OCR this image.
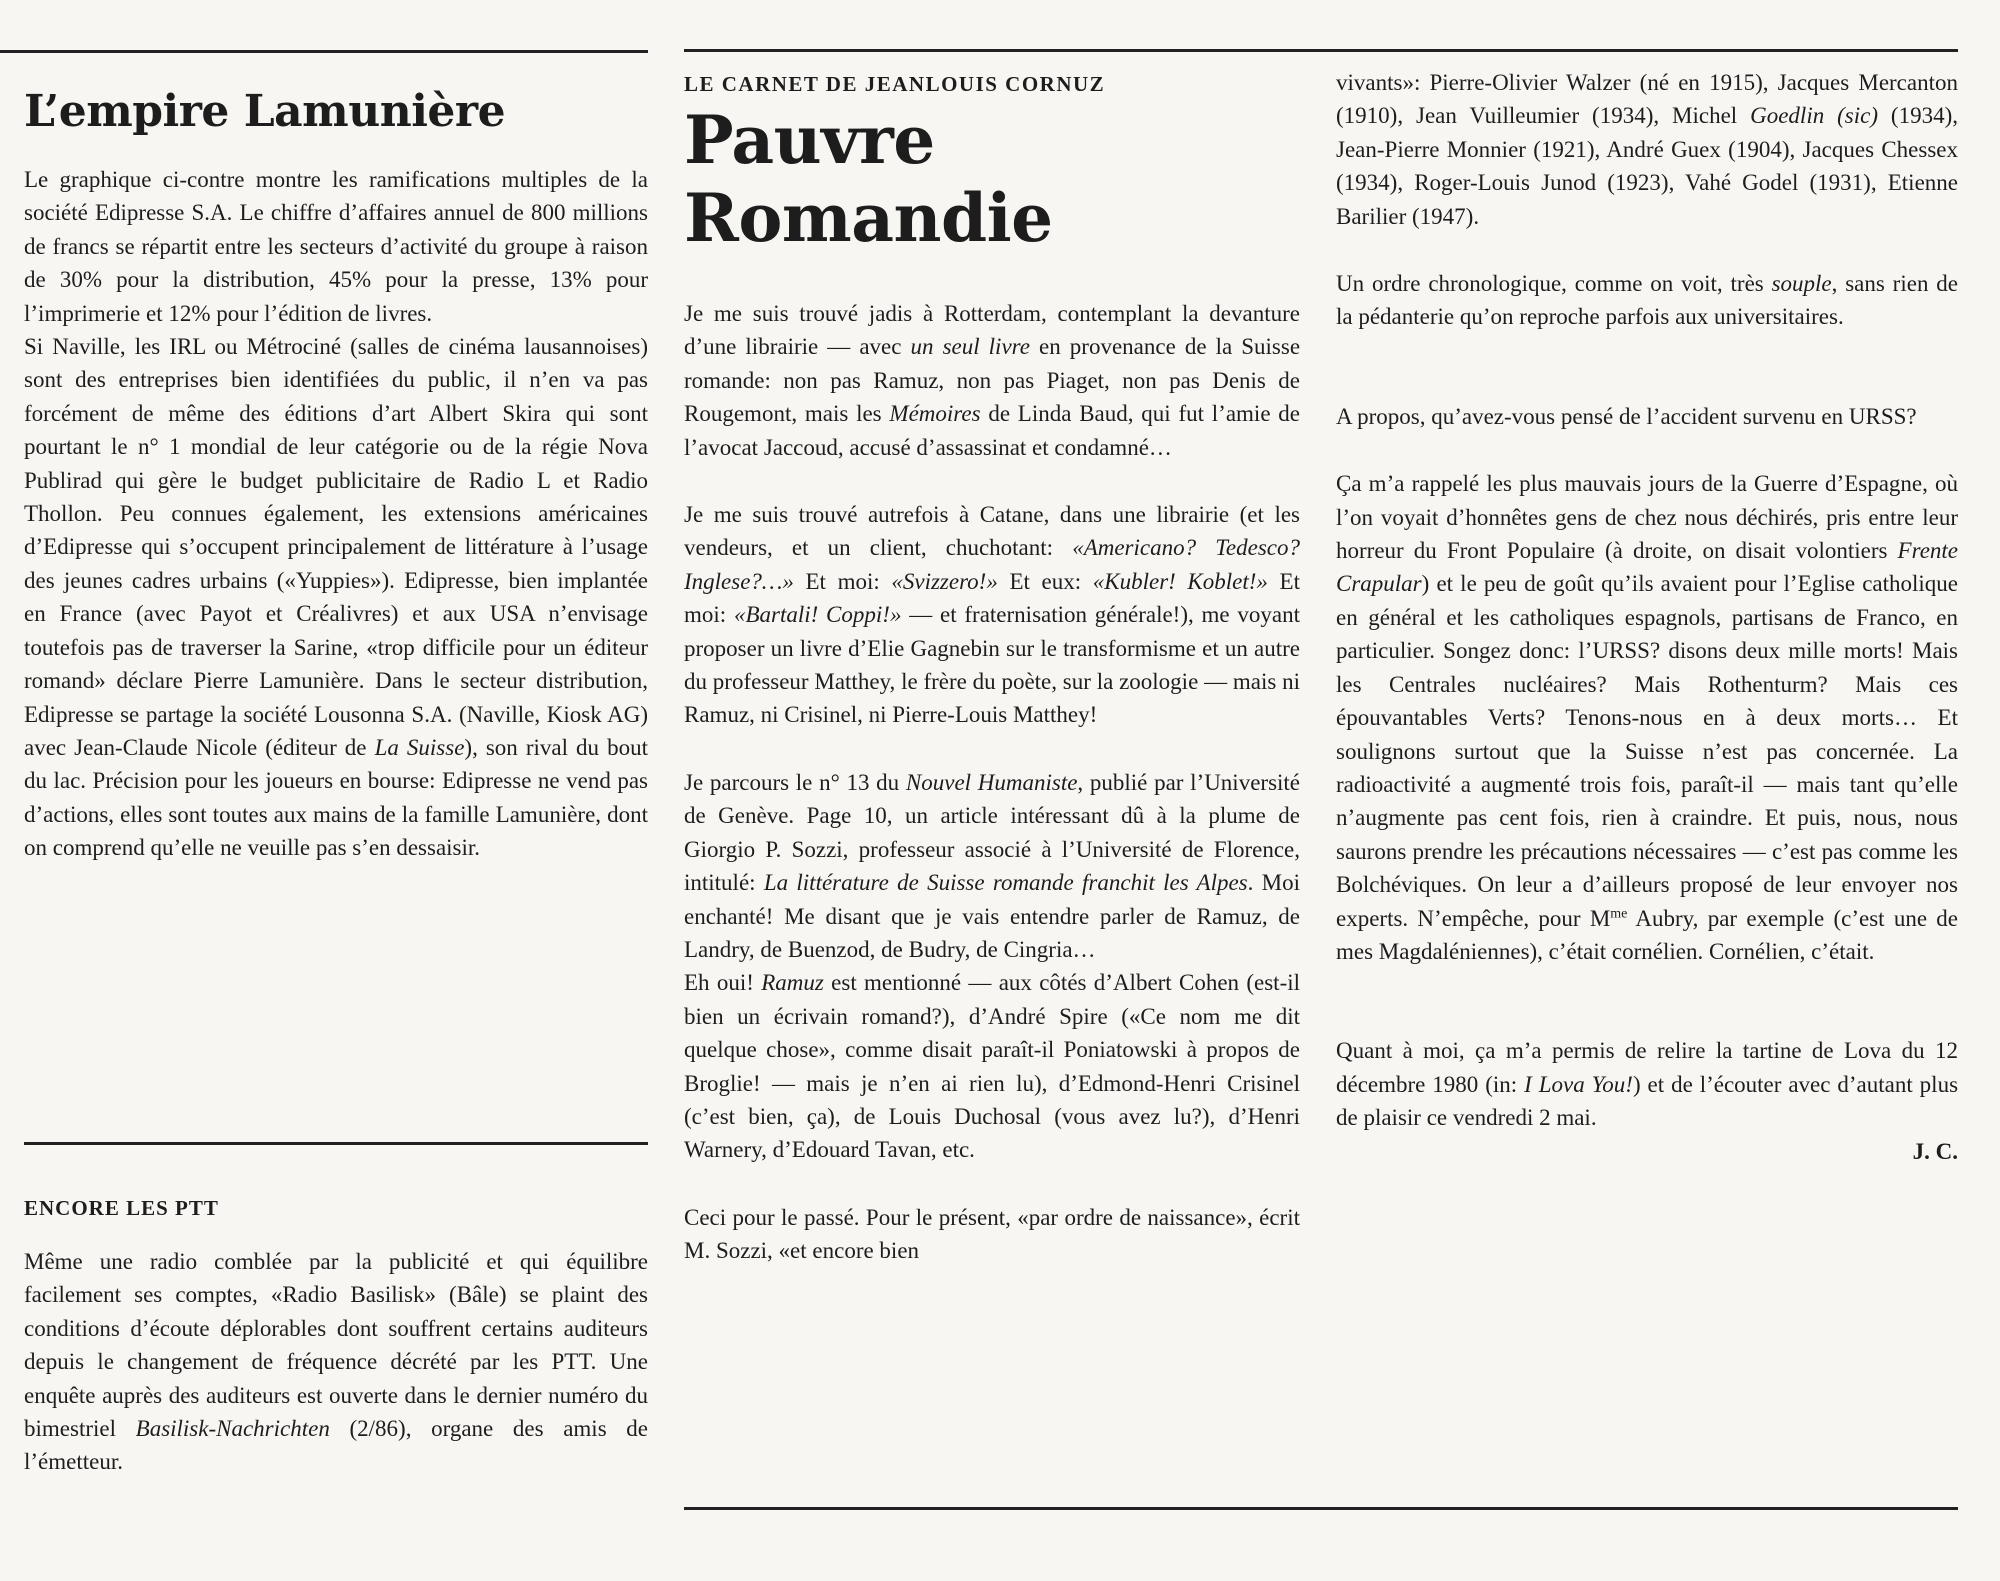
L’empire Lamunière

Le graphique ci-contre montre les ramifications multiples de la société Edipresse S.A. Le chiffre d’affaires annuel de 800 millions de francs se répartit entre les secteurs d’activité du groupe à raison de 30% pour la distribution, 45% pour la presse, 13% pour l’imprimerie et 12% pour l’édition de livres.

Si Naville, les IRL ou Métrociné (salles de cinéma lausannoises) sont des entreprises bien identifiées du public, il n’en va pas forcément de même des éditions d’art Albert Skira qui sont pourtant le n° 1 mondial de leur catégorie ou de la régie Nova Publirad qui gère le budget publicitaire de Radio L et Radio Thollon. Peu connues également, les extensions américaines d’Edipresse qui s’occupent principalement de littérature à l’usage des jeunes cadres urbains («Yuppies»). Edipresse, bien implantée en France (avec Payot et Créalivres) et aux USA n’envisage toutefois pas de traverser la Sarine, «trop difficile pour un éditeur romand» déclare Pierre Lamunière. Dans le secteur distribution, Edipresse se partage la société Lousonna S.A. (Naville, Kiosk AG) avec Jean-Claude Nicole (éditeur de La Suisse), son rival du bout du lac. Précision pour les joueurs en bourse: Edipresse ne vend pas d’actions, elles sont toutes aux mains de la famille Lamunière, dont on comprend qu’elle ne veuille pas s’en dessaisir.

ENCORE LES PTT

Même une radio comblée par la publicité et qui équilibre facilement ses comptes, «Radio Basilisk» (Bâle) se plaint des conditions d’écoute déplorables dont souffrent certains auditeurs depuis le changement de fréquence décrété par les PTT. Une enquête auprès des auditeurs est ouverte dans le dernier numéro du bimestriel Basilisk-Nachrichten (2/86), organe des amis de l’émetteur.

LE CARNET DE JEANLOUIS CORNUZ
Pauvre Romandie

Je me suis trouvé jadis à Rotterdam, contemplant la devanture d’une librairie — avec un seul livre en provenance de la Suisse romande: non pas Ramuz, non pas Piaget, non pas Denis de Rougemont, mais les Mémoires de Linda Baud, qui fut l’amie de l’avocat Jaccoud, accusé d’assassinat et condamné…

Je me suis trouvé autrefois à Catane, dans une librairie (et les vendeurs, et un client, chuchotant: «Americano? Tedesco? Inglese?…» Et moi: «Svizzero!» Et eux: «Kubler! Koblet!» Et moi: «Bartali! Coppi!» — et fraternisation générale!), me voyant proposer un livre d’Elie Gagnebin sur le transformisme et un autre du professeur Matthey, le frère du poète, sur la zoologie — mais ni Ramuz, ni Crisinel, ni Pierre-Louis Matthey!

Je parcours le n° 13 du Nouvel Humaniste, publié par l’Université de Genève. Page 10, un article intéressant dû à la plume de Giorgio P. Sozzi, professeur associé à l’Université de Florence, intitulé: La littérature de Suisse romande franchit les Alpes. Moi enchanté! Me disant que je vais entendre parler de Ramuz, de Landry, de Buenzod, de Budry, de Cingria…

Eh oui! Ramuz est mentionné — aux côtés d’Albert Cohen (est-il bien un écrivain romand?), d’André Spire («Ce nom me dit quelque chose», comme disait paraît-il Poniatowski à propos de Broglie! — mais je n’en ai rien lu), d’Edmond-Henri Crisinel (c’est bien, ça), de Louis Duchosal (vous avez lu?), d’Henri Warnery, d’Edouard Tavan, etc.

Ceci pour le passé. Pour le présent, «par ordre de naissance», écrit M. Sozzi, «et encore bien

vivants»: Pierre-Olivier Walzer (né en 1915), Jacques Mercanton (1910), Jean Vuilleumier (1934), Michel Goedlin (sic) (1934), Jean-Pierre Monnier (1921), André Guex (1904), Jacques Chessex (1934), Roger-Louis Junod (1923), Vahé Godel (1931), Etienne Barilier (1947).

Un ordre chronologique, comme on voit, très souple, sans rien de la pédanterie qu’on reproche parfois aux universitaires.

A propos, qu’avez-vous pensé de l’accident survenu en URSS?

Ça m’a rappelé les plus mauvais jours de la Guerre d’Espagne, où l’on voyait d’honnêtes gens de chez nous déchirés, pris entre leur horreur du Front Populaire (à droite, on disait volontiers Frente Crapular) et le peu de goût qu’ils avaient pour l’Eglise catholique en général et les catholiques espagnols, partisans de Franco, en particulier. Songez donc: l’URSS? disons deux mille morts! Mais les Centrales nucléaires? Mais Rothenturm? Mais ces épouvantables Verts? Tenons-nous en à deux morts… Et soulignons surtout que la Suisse n’est pas concernée. La radioactivité a augmenté trois fois, paraît-il — mais tant qu’elle n’augmente pas cent fois, rien à craindre. Et puis, nous, nous saurons prendre les précautions nécessaires — c’est pas comme les Bolchéviques. On leur a d’ailleurs proposé de leur envoyer nos experts. N’empêche, pour $M^{me}$ Aubry, par exemple (c’est une de mes Magdaléniennes), c’était cornélien. Cornélien, c’était.

Quant à moi, ça m’a permis de relire la tartine de Lova du 12 décembre 1980 (in: I Lova You!) et de l’écouter avec d’autant plus de plaisir ce vendredi 2 mai.

J. C.
